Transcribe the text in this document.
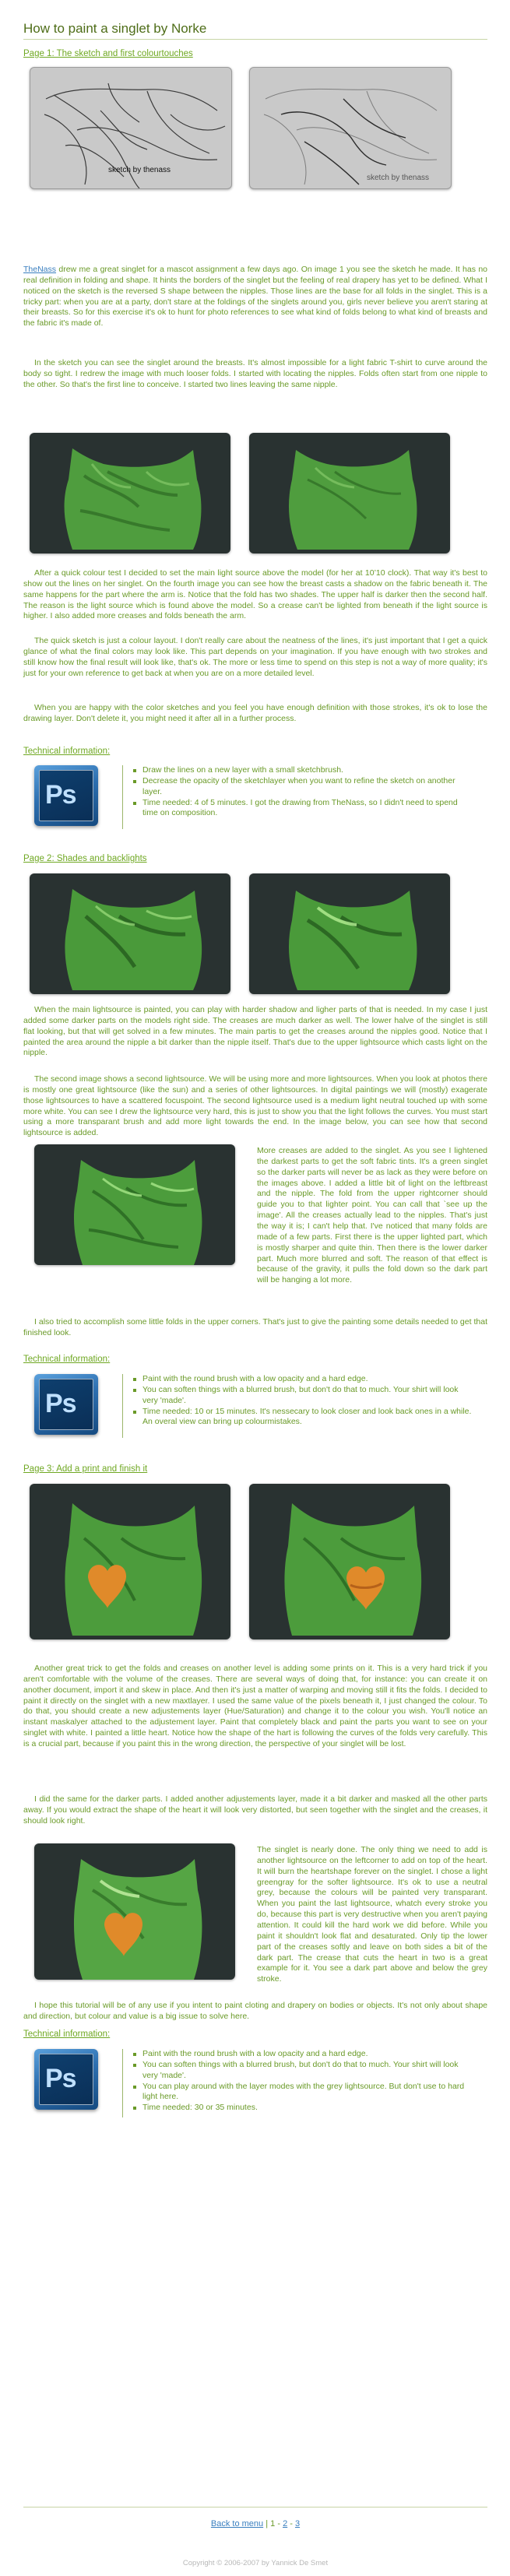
How to paint a singlet by Norke
Page 1: The sketch and first colourtouches
sketch by thenass
sketch by thenass

TheNass drew me a great singlet for a mascot assignment a few days ago. On image 1 you see the sketch he made. It has no real definition in folding and shape. It hints the borders of the singlet but the feeling of real drapery has yet to be defined. What I noticed on the sketch is the reversed S shape between the nipples. Those lines are the base for all folds in the singlet. This is a tricky part: when you are at a party, don't stare at the foldings of the singlets around you, girls never believe you aren't staring at their breasts. So for this exercise it's ok to hunt for photo references to see what kind of folds belong to what kind of breasts and the fabric it's made of.

In the sketch you can see the singlet around the breasts. It's almost impossible for a light fabric T-shirt to curve around the body so tight. I redrew the image with much looser folds. I started with locating the nipples. Folds often start from one nipple to the other. So that's the first line to conceive. I started two lines leaving the same nipple.

After a quick colour test I decided to set the main light source above the model (for her at 10’10 clock). That way it's best to show out the lines on her singlet. On the fourth image you can see how the breast casts a shadow on the fabric beneath it. The same happens for the part where the arm is. Notice that the fold has two shades. The upper half is darker then the second half. The reason is the light source which is found above the model. So a crease can't be lighted from beneath if the light source is higher. I also added more creases and folds beneath the arm.

The quick sketch is just a colour layout. I don't really care about the neatness of the lines, it's just important that I get a quick glance of what the final colors may look like. This part depends on your imagination. If you have enough with two strokes and still know how the final result will look like, that's ok. The more or less time to spend on this step is not a way of more quality; it's just for your own reference to get back at when you are on a more detailed level.

When you are happy with the color sketches and you feel you have enough definition with those strokes, it's ok to lose the drawing layer. Don't delete it, you might need it after all in a further process.

Technical information:
Ps
Draw the lines on a new layer with a small sketchbrush.
Decrease the opacity of the sketchlayer when you want to refine the sketch on another layer.
Time needed: 4 of 5 minutes. I got the drawing from TheNass, so I didn't need to spend time on composition.
Page 2: Shades and backlights

When the main lightsource is painted, you can play with harder shadow and ligher parts of that is needed. In my case I just added some darker parts on the models right side. The creases are much darker as well. The lower halve of the singlet is still flat looking, but that will get solved in a few minutes. The main partis to get the creases around the nipples good. Notice that I painted the area around the nipple a bit darker than the nipple itself. That's due to the upper lightsource which casts light on the nipple.

The second image shows a second lightsource. We will be using more and more lightsources. When you look at photos there is mostly one great lightsource (like the sun) and a series of other lightsources. In digital paintings we will (mostly) exagerate those lightsources to have a scattered focuspoint. The second lightsource used is a medium light neutral touched up with some more white. You can see I drew the lightsource very hard, this is just to show you that the light follows the curves. You must start using a more transparant brush and add more light towards the end. In the image below, you can see how that second lightsource is added.

More creases are added to the singlet. As you see I lightened the darkest parts to get the soft fabric tints. It's a green singlet so the darker parts will never be as lack as they were before on the images above. I added a little bit of light on the leftbreast and the nipple. The fold from the upper rightcorner should guide you to that lighter point. You can call that `see up the image'. All the creases actually lead to the nipples. That's just the way it is; I can't help that. I've noticed that many folds are made of a few parts. First there is the upper lighted part, which is mostly sharper and quite thin. Then there is the lower darker part. Much more blurred and soft. The reason of that effect is because of the gravity, it pulls the fold down so the dark part will be hanging a lot more.

I also tried to accomplish some little folds in the upper corners. That's just to give the painting some details needed to get that finished look.

Technical information:
Ps
Paint with the round brush with a low opacity and a hard edge.
You can soften things with a blurred brush, but don't do that to much. Your shirt will look very 'made'.
Time needed: 10 or 15 minutes. It's nessecary to look closer and look back ones in a while. An overal view can bring up colourmistakes.
Page 3: Add a print and finish it

Another great trick to get the folds and creases on another level is adding some prints on it. This is a very hard trick if you aren't comfortable with the volume of the creases. There are several ways of doing that, for instance: you can create it on another document, import it and skew in place. And then it's just a matter of warping and moving still it fits the folds. I decided to paint it directly on the singlet with a new maxtlayer. I used the same value of the pixels beneath it, I just changed the colour. To do that, you should create a new adjustements layer (Hue/Saturation) and change it to the colour you wish. You'll notice an instant maskalyer attached to the adjustement layer. Paint that completely black and paint the parts you want to see on your singlet with white. I painted a little heart. Notice how the shape of the hart is following the curves of the folds very carefully. This is a crucial part, because if you paint this in the wrong direction, the perspective of your singlet will be lost.

I did the same for the darker parts. I added another adjustements layer, made it a bit darker and masked all the other parts away. If you would extract the shape of the heart it will look very distorted, but seen together with the singlet and the creases, it should look right.

The singlet is nearly done. The only thing we need to add is another lightsource on the leftcorner to add on top of the heart. It will burn the heartshape forever on the singlet. I chose a light greengray for the softer lightsource. It's ok to use a neutral grey, because the colours will be painted very transparant. When you paint the last lightsource, whatch every stroke you do, because this part is very destructive when you aren't paying attention. It could kill the hard work we did before. While you paint it shouldn't look flat and desaturated. Only tip the lower part of the creases softly and leave on both sides a bit of the dark part. The crease that cuts the heart in two is a great example for it. You see a dark part above and below the grey stroke.

I hope this tutorial will be of any use if you intent to paint cloting and drapery on bodies or objects. It's not only about shape and direction, but colour and value is a big issue to solve here.

Technical information:
Ps
Paint with the round brush with a low opacity and a hard edge.
You can soften things with a blurred brush, but don't do that to much. Your shirt will look very 'made'.
You can play around with the layer modes with the grey lightsource. But don't use to hard light here.
Time needed: 30 or 35 minutes.
Back to menu | 1 - 2 - 3
Copyright © 2006-2007 by Yannick De Smet
